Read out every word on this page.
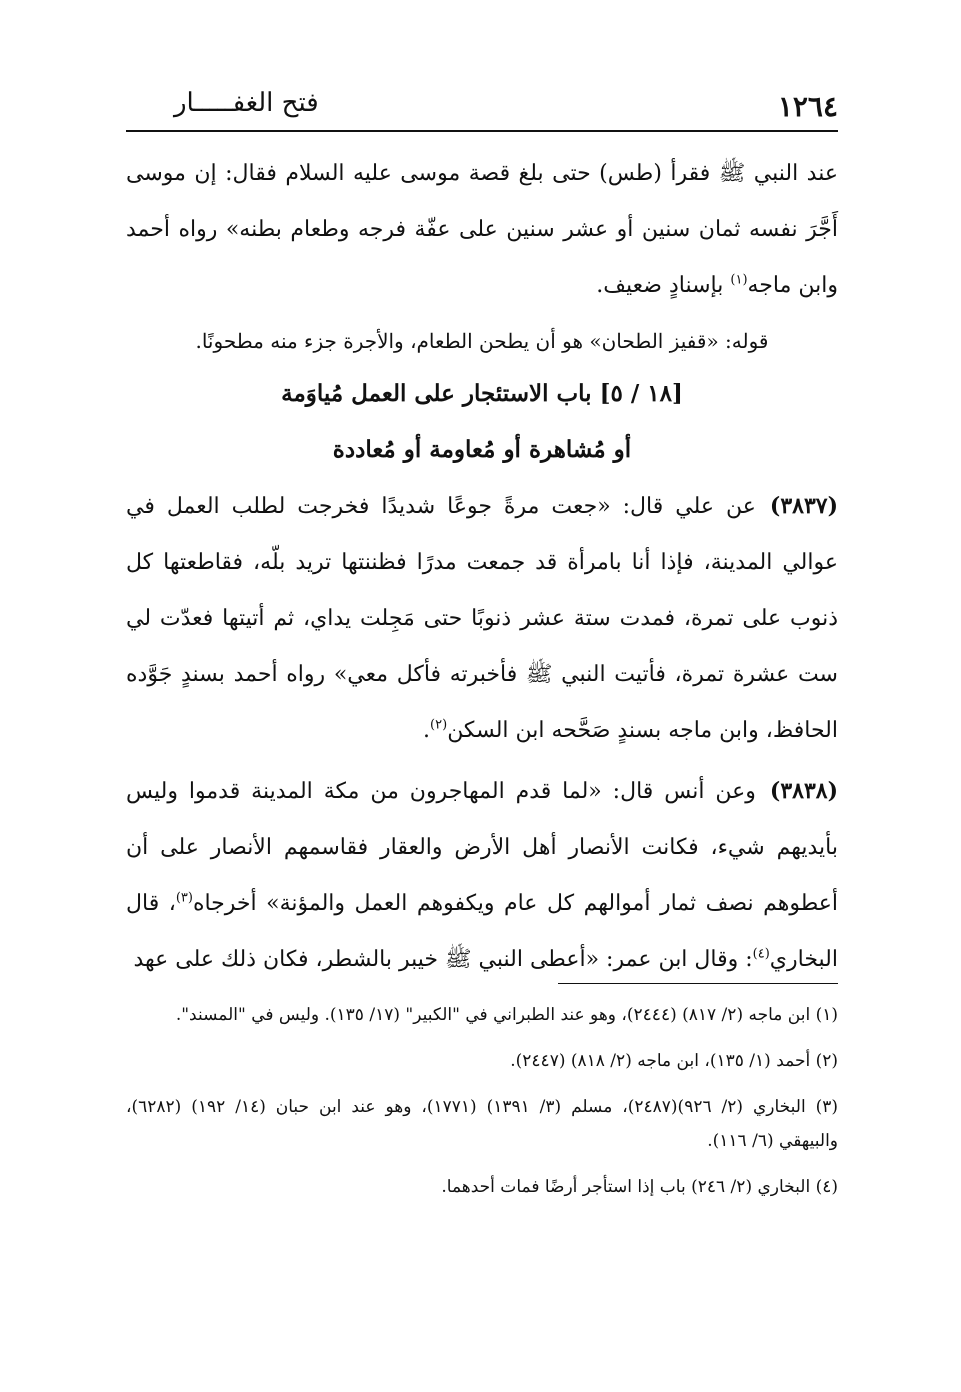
فتح الغفـــــار	١٢٦٤

عند النبي ﷺ فقرأ (طس) حتى بلغ قصة موسى عليه السلام فقال: إن موسى أَجَّرَ نفسه ثمان سنين أو عشر سنين على عفّة فرجه وطعام بطنه» رواه أحمد وابن ماجه$^{(١)}$ بإسنادٍ ضعيف.

قوله: «قفيز الطحان» هو أن يطحن الطعام، والأجرة جزء منه مطحونًا.

[١٨ / ٥] باب الاستئجار على العمل مُياوَمة

أو مُشاهرة أو مُعاومة أو مُعاددة

(٣٨٣٧)عن علي قال: «جعت مرةً جوعًا شديدًا فخرجت لطلب العمل في عوالي المدينة، فإذا أنا بامرأة قد جمعت مدرًا فظننتها تريد بلّه، فقاطعتها كل ذنوب على تمرة، فمدت ستة عشر ذنوبًا حتى مَجِلت يداي، ثم أتيتها فعدّت لي ست عشرة تمرة، فأتيت النبي ﷺ فأخبرته فأكل معي» رواه أحمد بسندٍ جَوَّده الحافظ، وابن ماجه بسندٍ صَحَّحه ابن السكن$^{(٢)}$.

(٣٨٣٨)وعن أنس قال: «لما قدم المهاجرون من مكة المدينة قدموا وليس بأيديهم شيء، فكانت الأنصار أهل الأرض والعقار فقاسمهم الأنصار على أن أعطوهم نصف ثمار أموالهم كل عام ويكفوهم العمل والمؤنة» أخرجاه$^{(٣)}$، قال البخاري$^{(٤)}$: وقال ابن عمر: «أعطى النبي ﷺ خيبر بالشطر، فكان ذلك على عهد

(١) ابن ماجه (٢/ ٨١٧) (٢٤٤٤)، وهو عند الطبراني في "الكبير" (١٧/ ١٣٥). وليس في "المسند".

(٢) أحمد (١/ ١٣٥)، ابن ماجه (٢/ ٨١٨) (٢٤٤٧).

(٣) البخاري (٢/ ٩٢٦)(٢٤٨٧)، مسلم (٣/ ١٣٩١) (١٧٧١)، وهو عند ابن حبان (١٤/ ١٩٢) (٦٢٨٢)، والبيهقي (٦/ ١١٦).

(٤) البخاري (٢/ ٢٤٦) باب إذا استأجر أرضًا فمات أحدهما.
